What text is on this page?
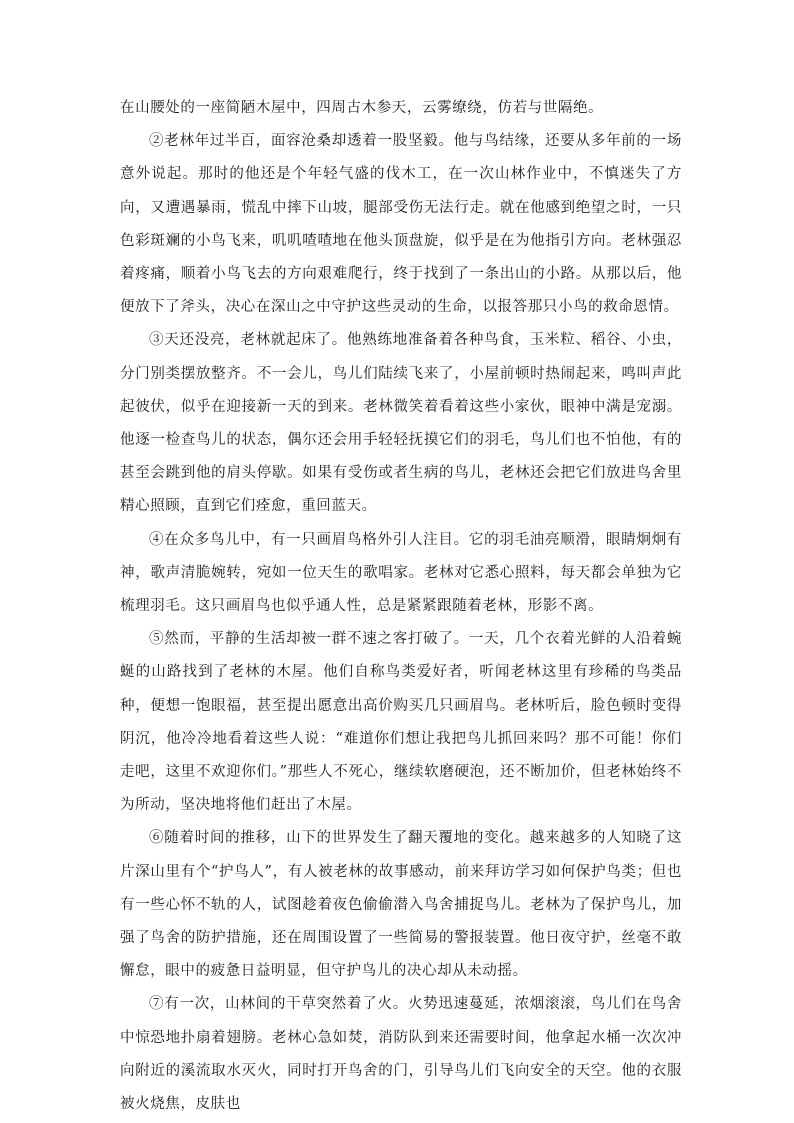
在山腰处的一座简陋木屋中，四周古木参天，云雾缭绕，仿若与世隔绝。

②老林年过半百，面容沧桑却透着一股坚毅。他与鸟结缘，还要从多年前的一场意外说起。那时的他还是个年轻气盛的伐木工，在一次山林作业中，不慎迷失了方向，又遭遇暴雨，慌乱中摔下山坡，腿部受伤无法行走。就在他感到绝望之时，一只色彩斑斓的小鸟飞来，叽叽喳喳地在他头顶盘旋，似乎是在为他指引方向。老林强忍着疼痛，顺着小鸟飞去的方向艰难爬行，终于找到了一条出山的小路。从那以后，他便放下了斧头，决心在深山之中守护这些灵动的生命，以报答那只小鸟的救命恩情。

③天还没亮，老林就起床了。他熟练地准备着各种鸟食，玉米粒、稻谷、小虫，分门别类摆放整齐。不一会儿，鸟儿们陆续飞来了，小屋前顿时热闹起来，鸣叫声此起彼伏，似乎在迎接新一天的到来。老林微笑着看着这些小家伙，眼神中满是宠溺。他逐一检查鸟儿的状态，偶尔还会用手轻轻抚摸它们的羽毛，鸟儿们也不怕他，有的甚至会跳到他的肩头停歇。如果有受伤或者生病的鸟儿，老林还会把它们放进鸟舍里精心照顾，直到它们痊愈，重回蓝天。

④在众多鸟儿中，有一只画眉鸟格外引人注目。它的羽毛油亮顺滑，眼睛炯炯有神，歌声清脆婉转，宛如一位天生的歌唱家。老林对它悉心照料，每天都会单独为它梳理羽毛。这只画眉鸟也似乎通人性，总是紧紧跟随着老林，形影不离。

⑤然而，平静的生活却被一群不速之客打破了。一天，几个衣着光鲜的人沿着蜿蜒的山路找到了老林的木屋。他们自称鸟类爱好者，听闻老林这里有珍稀的鸟类品种，便想一饱眼福，甚至提出愿意出高价购买几只画眉鸟。老林听后，脸色顿时变得阴沉，他冷冷地看着这些人说：“难道你们想让我把鸟儿抓回来吗？那不可能！你们走吧，这里不欢迎你们。”那些人不死心，继续软磨硬泡，还不断加价，但老林始终不为所动，坚决地将他们赶出了木屋。

⑥随着时间的推移，山下的世界发生了翻天覆地的变化。越来越多的人知晓了这片深山里有个“护鸟人”，有人被老林的故事感动，前来拜访学习如何保护鸟类；但也有一些心怀不轨的人，试图趁着夜色偷偷潜入鸟舍捕捉鸟儿。老林为了保护鸟儿，加强了鸟舍的防护措施，还在周围设置了一些简易的警报装置。他日夜守护，丝毫不敢懈怠，眼中的疲惫日益明显，但守护鸟儿的决心却从未动摇。

⑦有一次，山林间的干草突然着了火。火势迅速蔓延，浓烟滚滚，鸟儿们在鸟舍中惊恐地扑扇着翅膀。老林心急如焚，消防队到来还需要时间，他拿起水桶一次次冲向附近的溪流取水灭火，同时打开鸟舍的门，引导鸟儿们飞向安全的天空。他的衣服被火烧焦，皮肤也
